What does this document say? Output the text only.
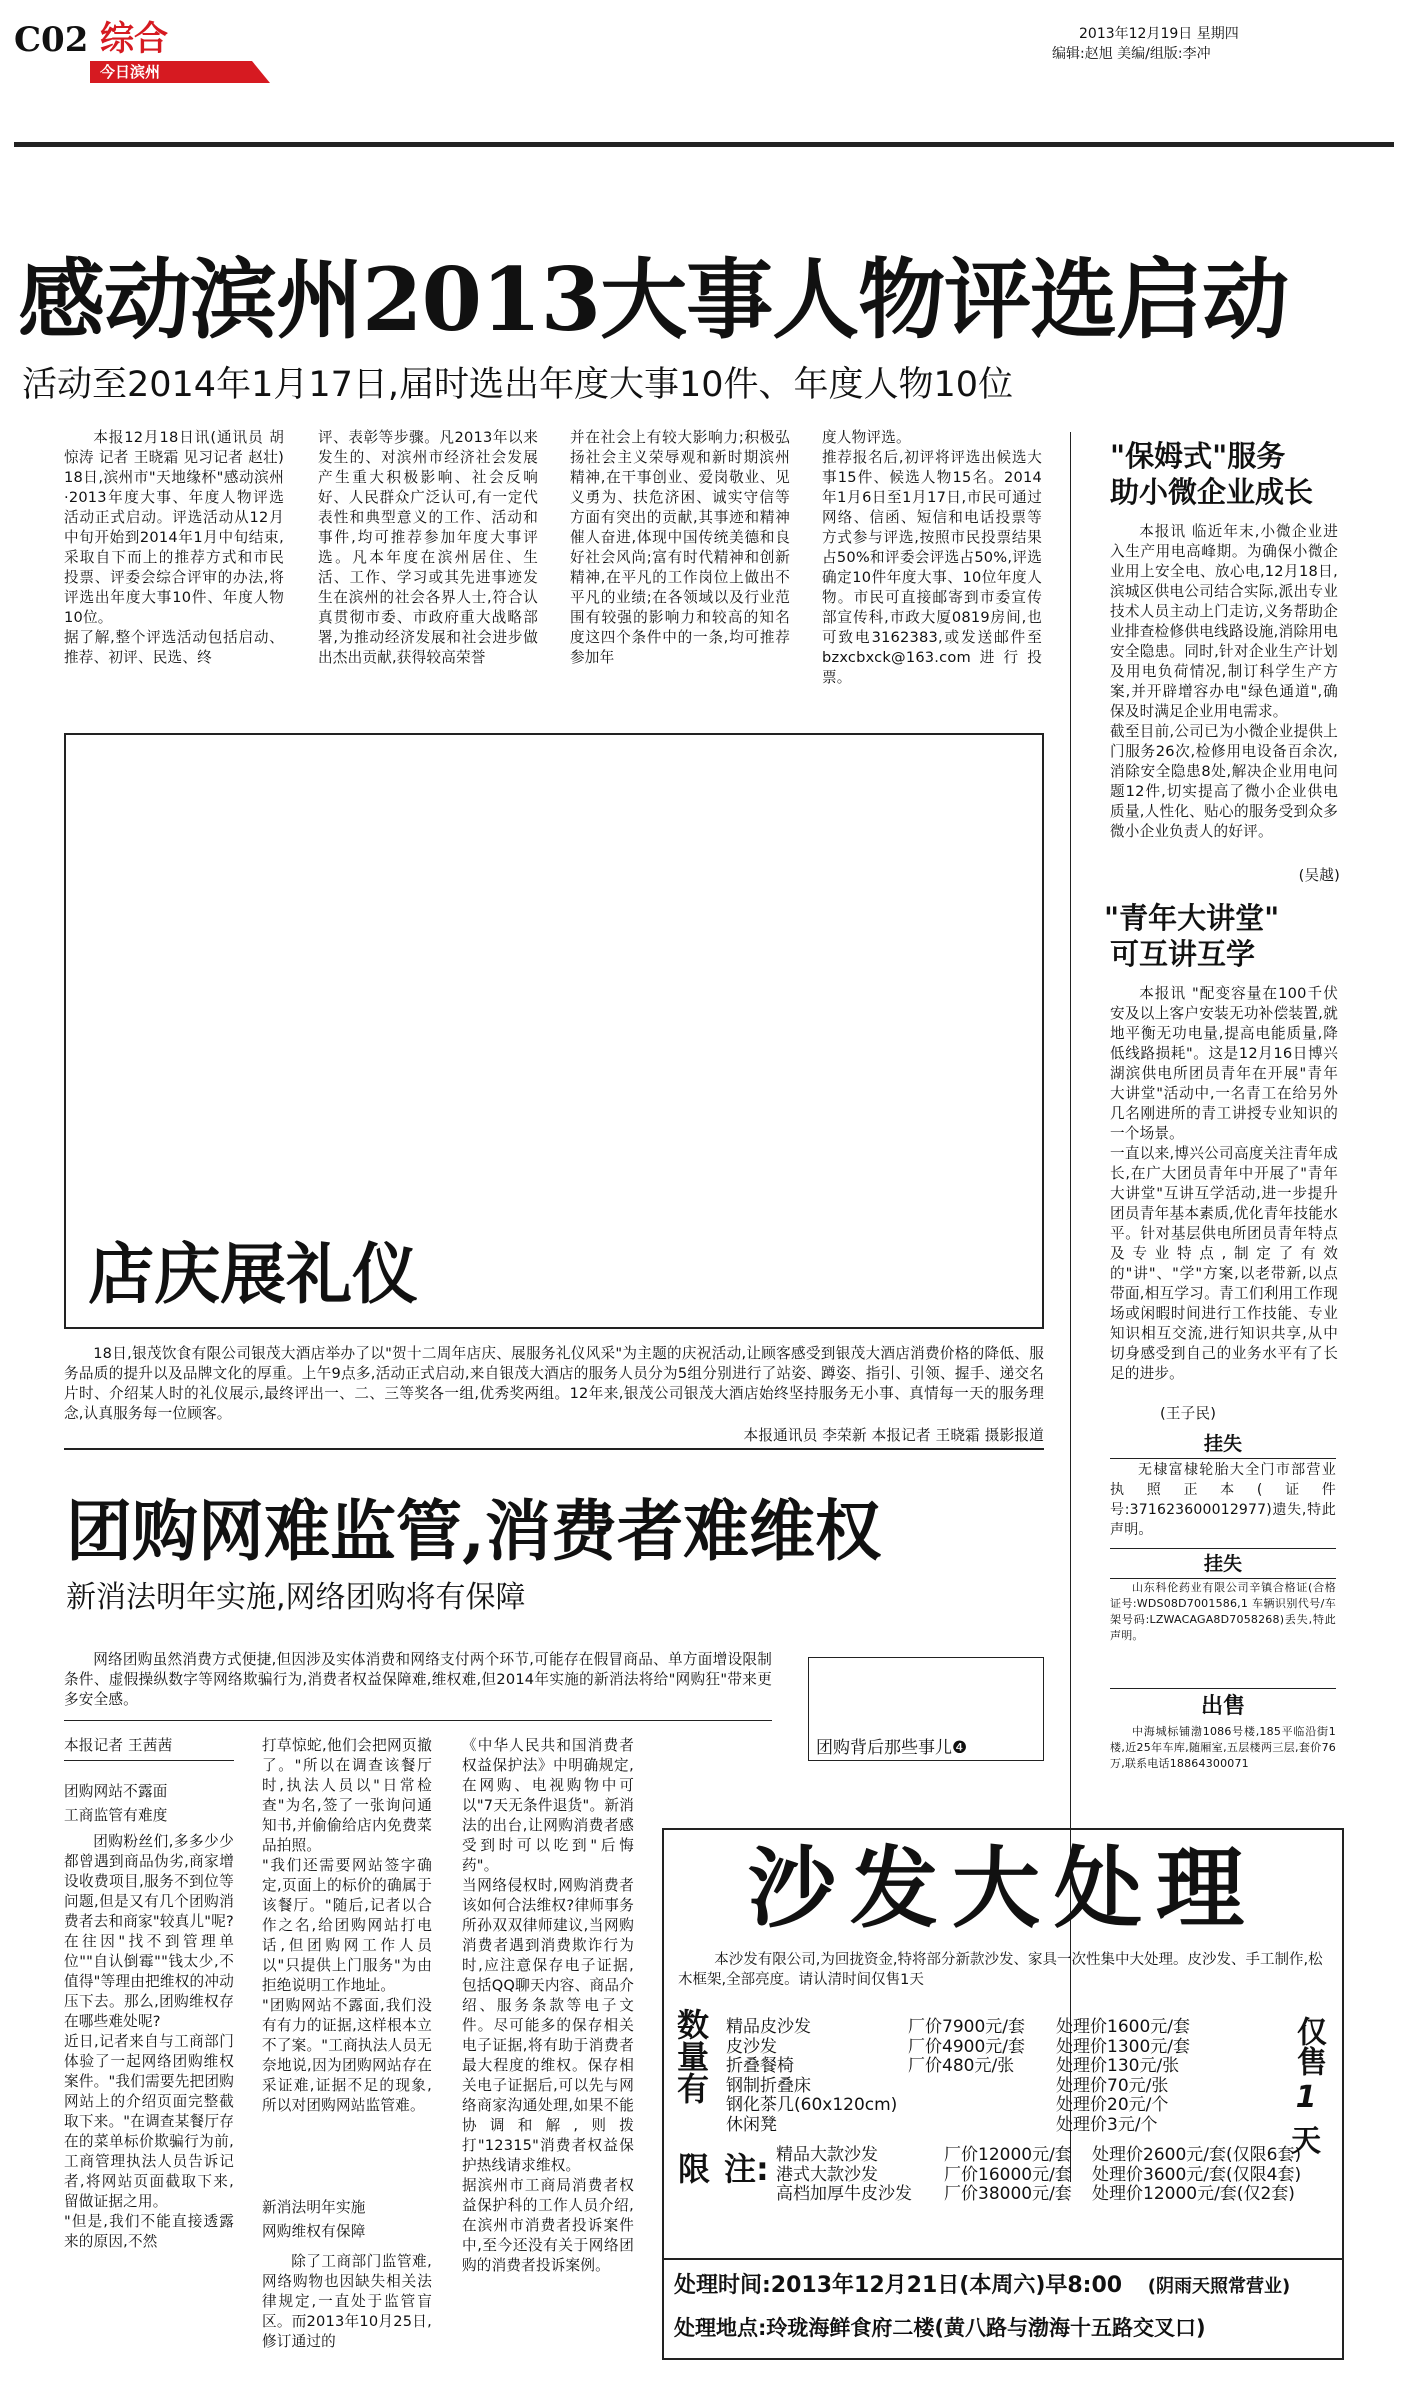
C02 综合
今日滨州
2013年12月19日 星期四
编辑:赵旭 美编/组版:李冲
感动滨州2013大事人物评选启动
活动至2014年1月17日,届时选出年度大事10件、年度人物10位
本报12月18日讯(通讯员 胡惊涛 记者 王晓霜 见习记者 赵壮) 18日,滨州市"天地缘杯"感动滨州·2013年度大事、年度人物评选活动正式启动。评选活动从12月中旬开始到2014年1月中旬结束,采取自下而上的推荐方式和市民投票、评委会综合评审的办法,将评选出年度大事10件、年度人物10位。
据了解,整个评选活动包括启动、推荐、初评、民选、终
评、表彰等步骤。凡2013年以来发生的、对滨州市经济社会发展产生重大积极影响、社会反响好、人民群众广泛认可,有一定代表性和典型意义的工作、活动和事件,均可推荐参加年度大事评选。凡本年度在滨州居住、生活、工作、学习或其先进事迹发生在滨州的社会各界人士,符合认真贯彻市委、市政府重大战略部署,为推动经济发展和社会进步做出杰出贡献,获得较高荣誉
并在社会上有较大影响力;积极弘扬社会主义荣辱观和新时期滨州精神,在干事创业、爱岗敬业、见义勇为、扶危济困、诚实守信等方面有突出的贡献,其事迹和精神催人奋进,体现中国传统美德和良好社会风尚;富有时代精神和创新精神,在平凡的工作岗位上做出不平凡的业绩;在各领域以及行业范围有较强的影响力和较高的知名度这四个条件中的一条,均可推荐参加年
度人物评选。
推荐报名后,初评将评选出候选大事15件、候选人物15名。2014年1月6日至1月17日,市民可通过网络、信函、短信和电话投票等方式参与评选,按照市民投票结果占50%和评委会评选占50%,评选确定10件年度大事、10位年度人物。市民可直接邮寄到市委宣传部宣传科,市政大厦0819房间,也可致电3162383,或发送邮件至bzxcbxck@163.com进行投票。
店庆展礼仪
18日,银茂饮食有限公司银茂大酒店举办了以"贺十二周年店庆、展服务礼仪风采"为主题的庆祝活动,让顾客感受到银茂大酒店消费价格的降低、服务品质的提升以及品牌文化的厚重。上午9点多,活动正式启动,来自银茂大酒店的服务人员分为5组分别进行了站姿、蹲姿、指引、引领、握手、递交名片时、介绍某人时的礼仪展示,最终评出一、二、三等奖各一组,优秀奖两组。12年来,银茂公司银茂大酒店始终坚持服务无小事、真情每一天的服务理念,认真服务每一位顾客。
本报通讯员 李荣新 本报记者 王晓霜 摄影报道
"保姆式"服务
助小微企业成长
本报讯 临近年末,小微企业进入生产用电高峰期。为确保小微企业用上安全电、放心电,12月18日,滨城区供电公司结合实际,派出专业技术人员主动上门走访,义务帮助企业排查检修供电线路设施,消除用电安全隐患。同时,针对企业生产计划及用电负荷情况,制订科学生产方案,并开辟增容办电"绿色通道",确保及时满足企业用电需求。
截至目前,公司已为小微企业提供上门服务26次,检修用电设备百余次,消除安全隐患8处,解决企业用电问题12件,切实提高了微小企业供电质量,人性化、贴心的服务受到众多微小企业负责人的好评。
(吴越)
"青年大讲堂"
可互讲互学
本报讯 "配变容量在100千伏安及以上客户安装无功补偿装置,就地平衡无功电量,提高电能质量,降低线路损耗"。这是12月16日博兴湖滨供电所团员青年在开展"青年大讲堂"活动中,一名青工在给另外几名刚进所的青工讲授专业知识的一个场景。
一直以来,博兴公司高度关注青年成长,在广大团员青年中开展了"青年大讲堂"互讲互学活动,进一步提升团员青年基本素质,优化青年技能水平。针对基层供电所团员青年特点及专业特点,制定了有效的"讲"、"学"方案,以老带新,以点带面,相互学习。青工们利用工作现场或闲暇时间进行工作技能、专业知识相互交流,进行知识共享,从中切身感受到自己的业务水平有了长足的进步。
(王子民)
挂失
无棣富棣轮胎大全门市部营业执照正本(证件号:371623600012977)遗失,特此声明。
挂失
山东科伦药业有限公司辛镇合格证(合格证号:WDS08D7001586,1 车辆识别代号/车架号码:LZWACAGA8D7058268)丢失,特此声明。
出售
中海城标铺渤1086号楼,185平临沿街1楼,近25年车库,随厢室,五层楼两三层,套价76万,联系电话18864300071
团购网难监管,消费者难维权
新消法明年实施,网络团购将有保障
网络团购虽然消费方式便捷,但因涉及实体消费和网络支付两个环节,可能存在假冒商品、单方面增设限制条件、虚假操纵数字等网络欺骗行为,消费者权益保障难,维权难,但2014年实施的新消法将给"网购狂"带来更多安全感。
团购背后那些事儿❹
本报记者 王茜茜
团购网站不露面
工商监管有难度
团购粉丝们,多多少少都曾遇到商品伪劣,商家增设收费项目,服务不到位等问题,但是又有几个团购消费者去和商家"较真儿"呢?在往因"找不到管理单位""自认倒霉""钱太少,不值得"等理由把维权的冲动压下去。那么,团购维权存在哪些难处呢?
近日,记者来自与工商部门体验了一起网络团购维权案件。"我们需要先把团购网站上的介绍页面完整截取下来。"在调查某餐厅存在的菜单标价欺骗行为前,工商管理执法人员告诉记者,将网站页面截取下来,留做证据之用。
"但是,我们不能直接透露来的原因,不然
打草惊蛇,他们会把网页撤了。"所以在调查该餐厅时,执法人员以"日常检查"为名,签了一张询问通知书,并偷偷给店内免费菜品拍照。
"我们还需要网站签字确定,页面上的标价的确属于该餐厅。"随后,记者以合作之名,给团购网站打电话,但团购网工作人员以"只提供上门服务"为由拒绝说明工作地址。
"团购网站不露面,我们没有有力的证据,这样根本立不了案。"工商执法人员无奈地说,因为团购网站存在采证难,证据不足的现象,所以对团购网站监管难。
新消法明年实施
网购维权有保障
除了工商部门监管难,网络购物也因缺失相关法律规定,一直处于监管盲区。而2013年10月25日,修订通过的
《中华人民共和国消费者权益保护法》中明确规定,在网购、电视购物中可以"7天无条件退货"。新消法的出台,让网购消费者感受到时可以吃到"后悔药"。
当网络侵权时,网购消费者该如何合法维权?律师事务所孙双双律师建议,当网购消费者遇到消费欺诈行为时,应注意保存电子证据,包括QQ聊天内容、商品介绍、服务条款等电子文件。尽可能多的保存相关电子证据,将有助于消费者最大程度的维权。保存相关电子证据后,可以先与网络商家沟通处理,如果不能协调和解,则拨打"12315"消费者权益保护热线请求维权。
据滨州市工商局消费者权益保护科的工作人员介绍,在滨州市消费者投诉案件中,至今还没有关于网络团购的消费者投诉案例。
沙发大处理
本沙发有限公司,为回拢资金,特将部分新款沙发、家具一次性集中大处理。皮沙发、手工制作,松木框架,全部亮度。请认清时间仅售1天
数量有
限 注:
精品皮沙发	厂价7900元/套	处理价1600元/套
皮沙发	厂价4900元/套	处理价1300元/套
折叠餐椅	厂价480元/张	处理价130元/张
钢制折叠床	处理价70元/张
钢化茶几(60x120cm)	处理价20元/个
休闲凳	处理价3元/个
精品大款沙发	厂价12000元/套	处理价2600元/套(仅限6套)
港式大款沙发	厂价16000元/套	处理价3600元/套(仅限4套)
高档加厚牛皮沙发	厂价38000元/套	处理价12000元/套(仅2套)
仅售
1
天
处理时间:2013年12月21日(本周六)早8:00 (阴雨天照常营业)
处理地点:玲珑海鲜食府二楼(黄八路与渤海十五路交叉口)
